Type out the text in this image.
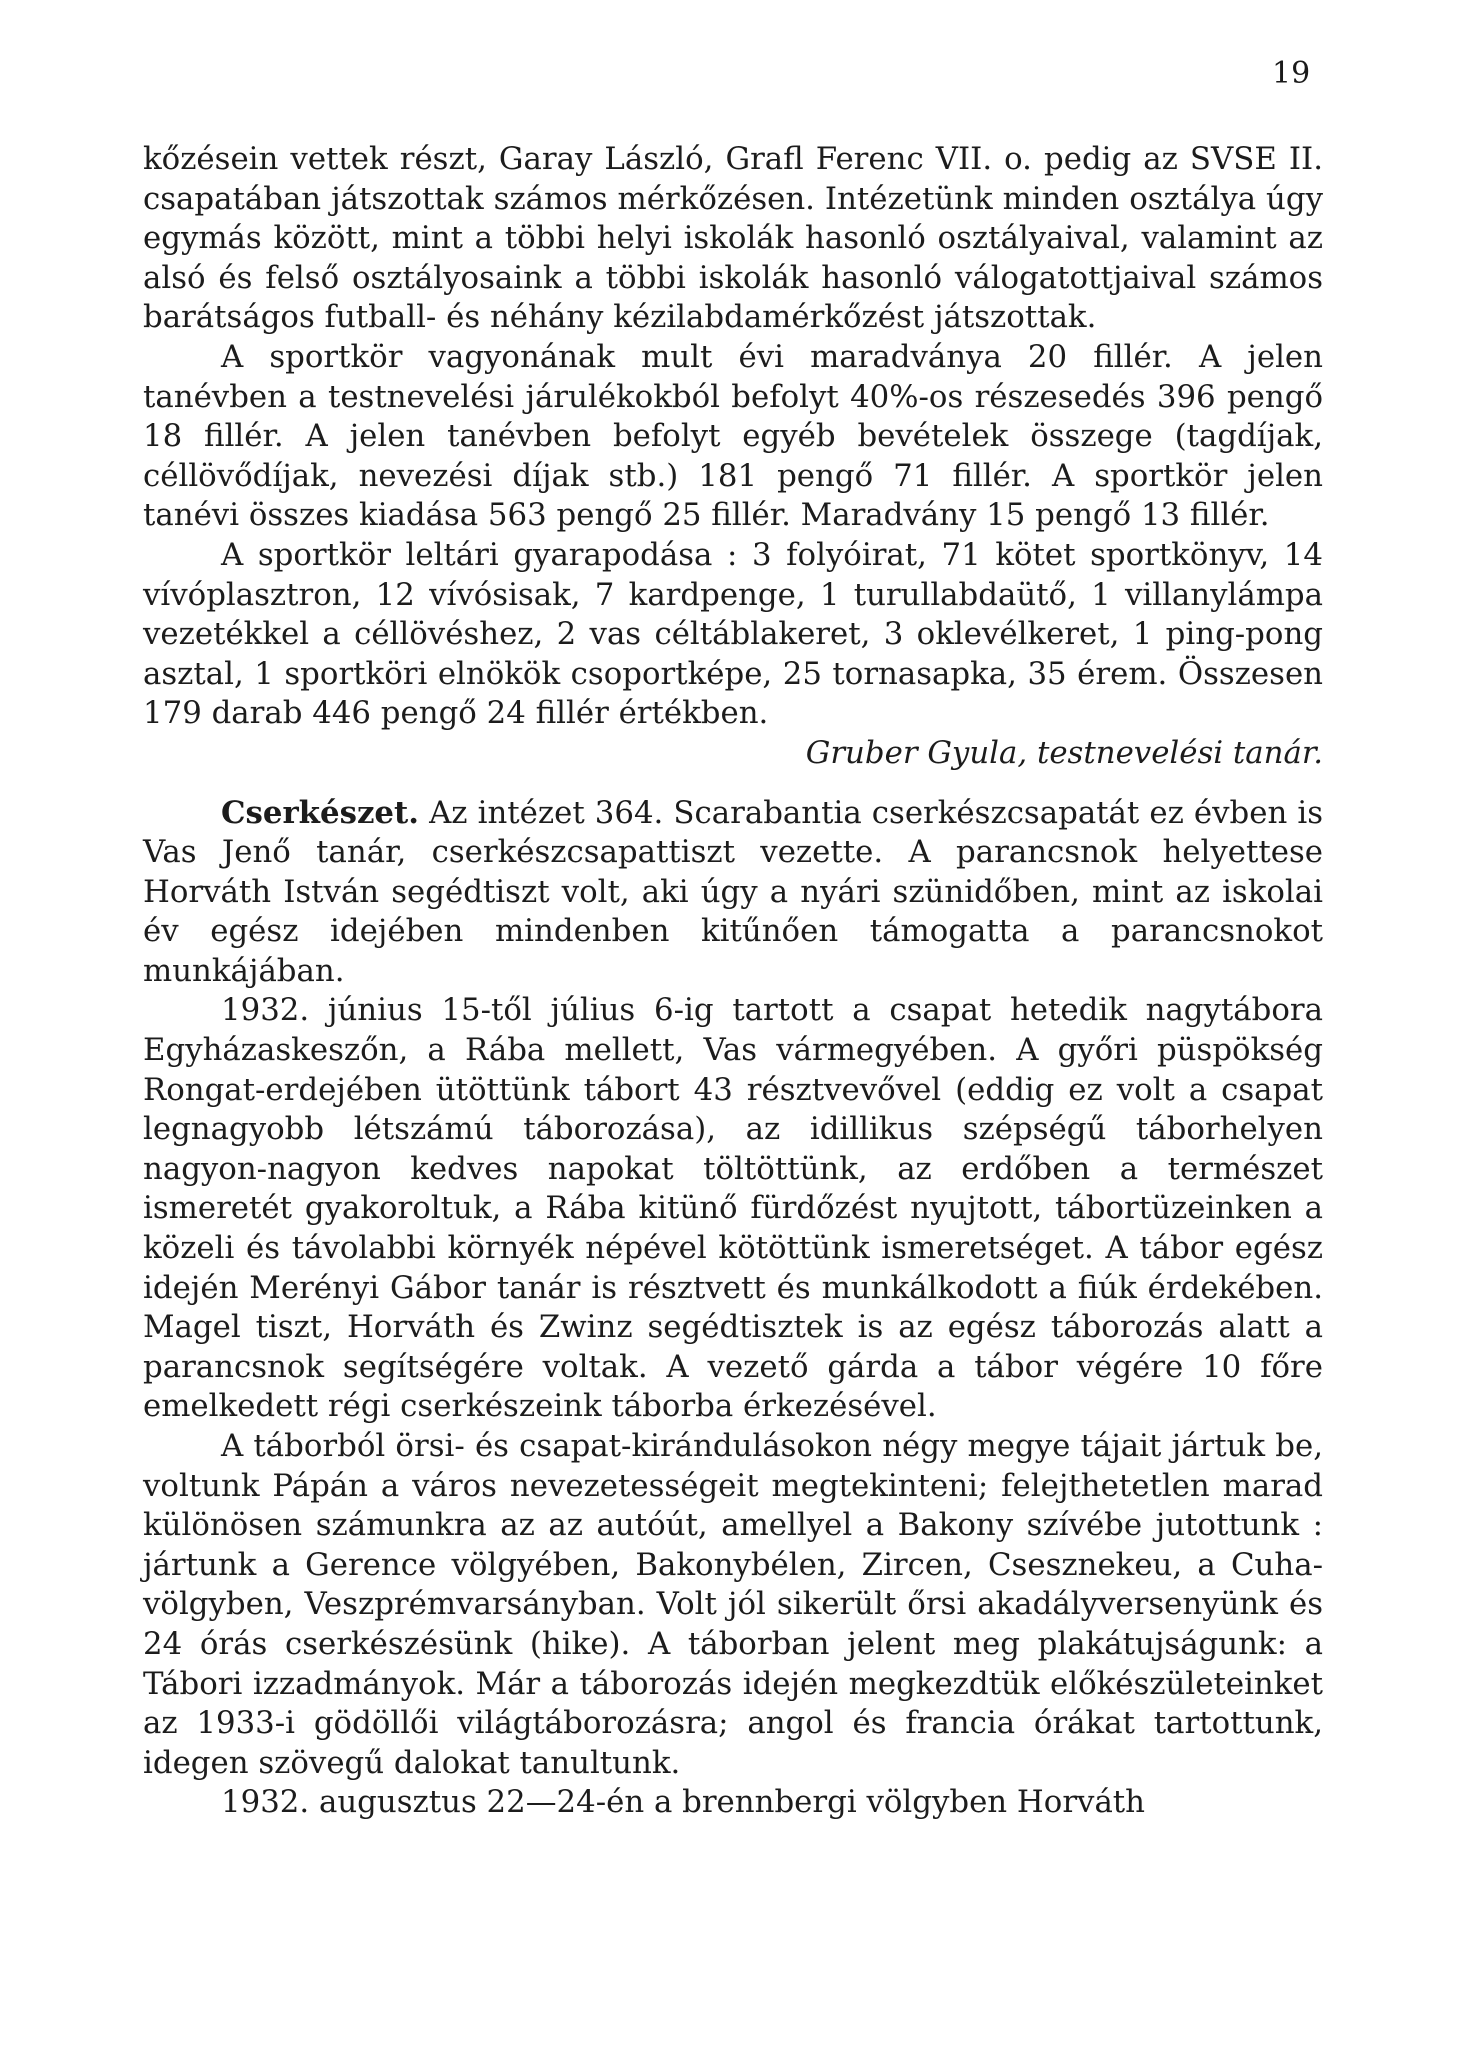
19

kőzésein vettek részt, Garay László, Grafl Ferenc VII. o. pedig az SVSE II. csapatában játszottak számos mérkőzésen. Intézetünk minden osztálya úgy egymás között, mint a többi helyi iskolák hasonló osztályaival, valamint az alsó és felső osztályosaink a többi iskolák hasonló válogatottjaival számos barátságos futball- és néhány kézilabdamérkőzést játszottak.

A sportkör vagyonának mult évi maradványa 20 fillér. A jelen tanévben a testnevelési járulékokból befolyt 40%-os részesedés 396 pengő 18 fillér. A jelen tanévben befolyt egyéb bevételek összege (tagdíjak, céllövődíjak, nevezési díjak stb.) 181 pengő 71 fillér. A sportkör jelen tanévi összes kiadása 563 pengő 25 fillér. Maradvány 15 pengő 13 fillér.

A sportkör leltári gyarapodása : 3 folyóirat, 71 kötet sportkönyv, 14 vívóplasztron, 12 vívósisak, 7 kardpenge, 1 turullabdaütő, 1 villanylámpa vezetékkel a céllövéshez, 2 vas céltáblakeret, 3 oklevélkeret, 1 ping-pong asztal, 1 sportköri elnökök csoportképe, 25 tornasapka, 35 érem. Összesen 179 darab 446 pengő 24 fillér értékben.

Gruber Gyula, testnevelési tanár.

Cserkészet. Az intézet 364. Scarabantia cserkészcsapatát ez évben is Vas Jenő tanár, cserkészcsapattiszt vezette. A parancsnok helyettese Horváth István segédtiszt volt, aki úgy a nyári szünidőben, mint az iskolai év egész idejében mindenben kitűnően támogatta a parancsnokot munkájában.

1932. június 15-től július 6-ig tartott a csapat hetedik nagytábora Egyházaskeszőn, a Rába mellett, Vas vármegyében. A győri püspökség Rongat-erdejében ütöttünk tábort 43 résztvevővel (eddig ez volt a csapat legnagyobb létszámú táborozása), az idillikus szépségű táborhelyen nagyon-nagyon kedves napokat töltöttünk, az erdőben a természet ismeretét gyakoroltuk, a Rába kitünő fürdőzést nyujtott, tábortüzeinken a közeli és távolabbi környék népével kötöttünk ismeretséget. A tábor egész idején Merényi Gábor tanár is résztvett és munkálkodott a fiúk érdekében. Magel tiszt, Horváth és Zwinz segédtisztek is az egész táborozás alatt a parancsnok segítségére voltak. A vezető gárda a tábor végére 10 főre emelkedett régi cserkészeink táborba érkezésével.

A táborból örsi- és csapat-kirándulásokon négy megye tájait jártuk be, voltunk Pápán a város nevezetességeit megtekinteni; felejthetetlen marad különösen számunkra az az autóút, amellyel a Bakony szívébe jutottunk : jártunk a Gerence völgyében, Bakonybélen, Zircen, Csesznekeu, a Cuha-völgyben, Veszprémvarsányban. Volt jól sikerült őrsi akadályversenyünk és 24 órás cserkészésünk (hike). A táborban jelent meg plakátujságunk: a Tábori izzadmányok. Már a táborozás idején megkezdtük előkészületeinket az 1933-i gödöllői világtáborozásra; angol és francia órákat tartottunk, idegen szövegű dalokat tanultunk.

1932. augusztus 22—24-én a brennbergi völgyben Horváth
